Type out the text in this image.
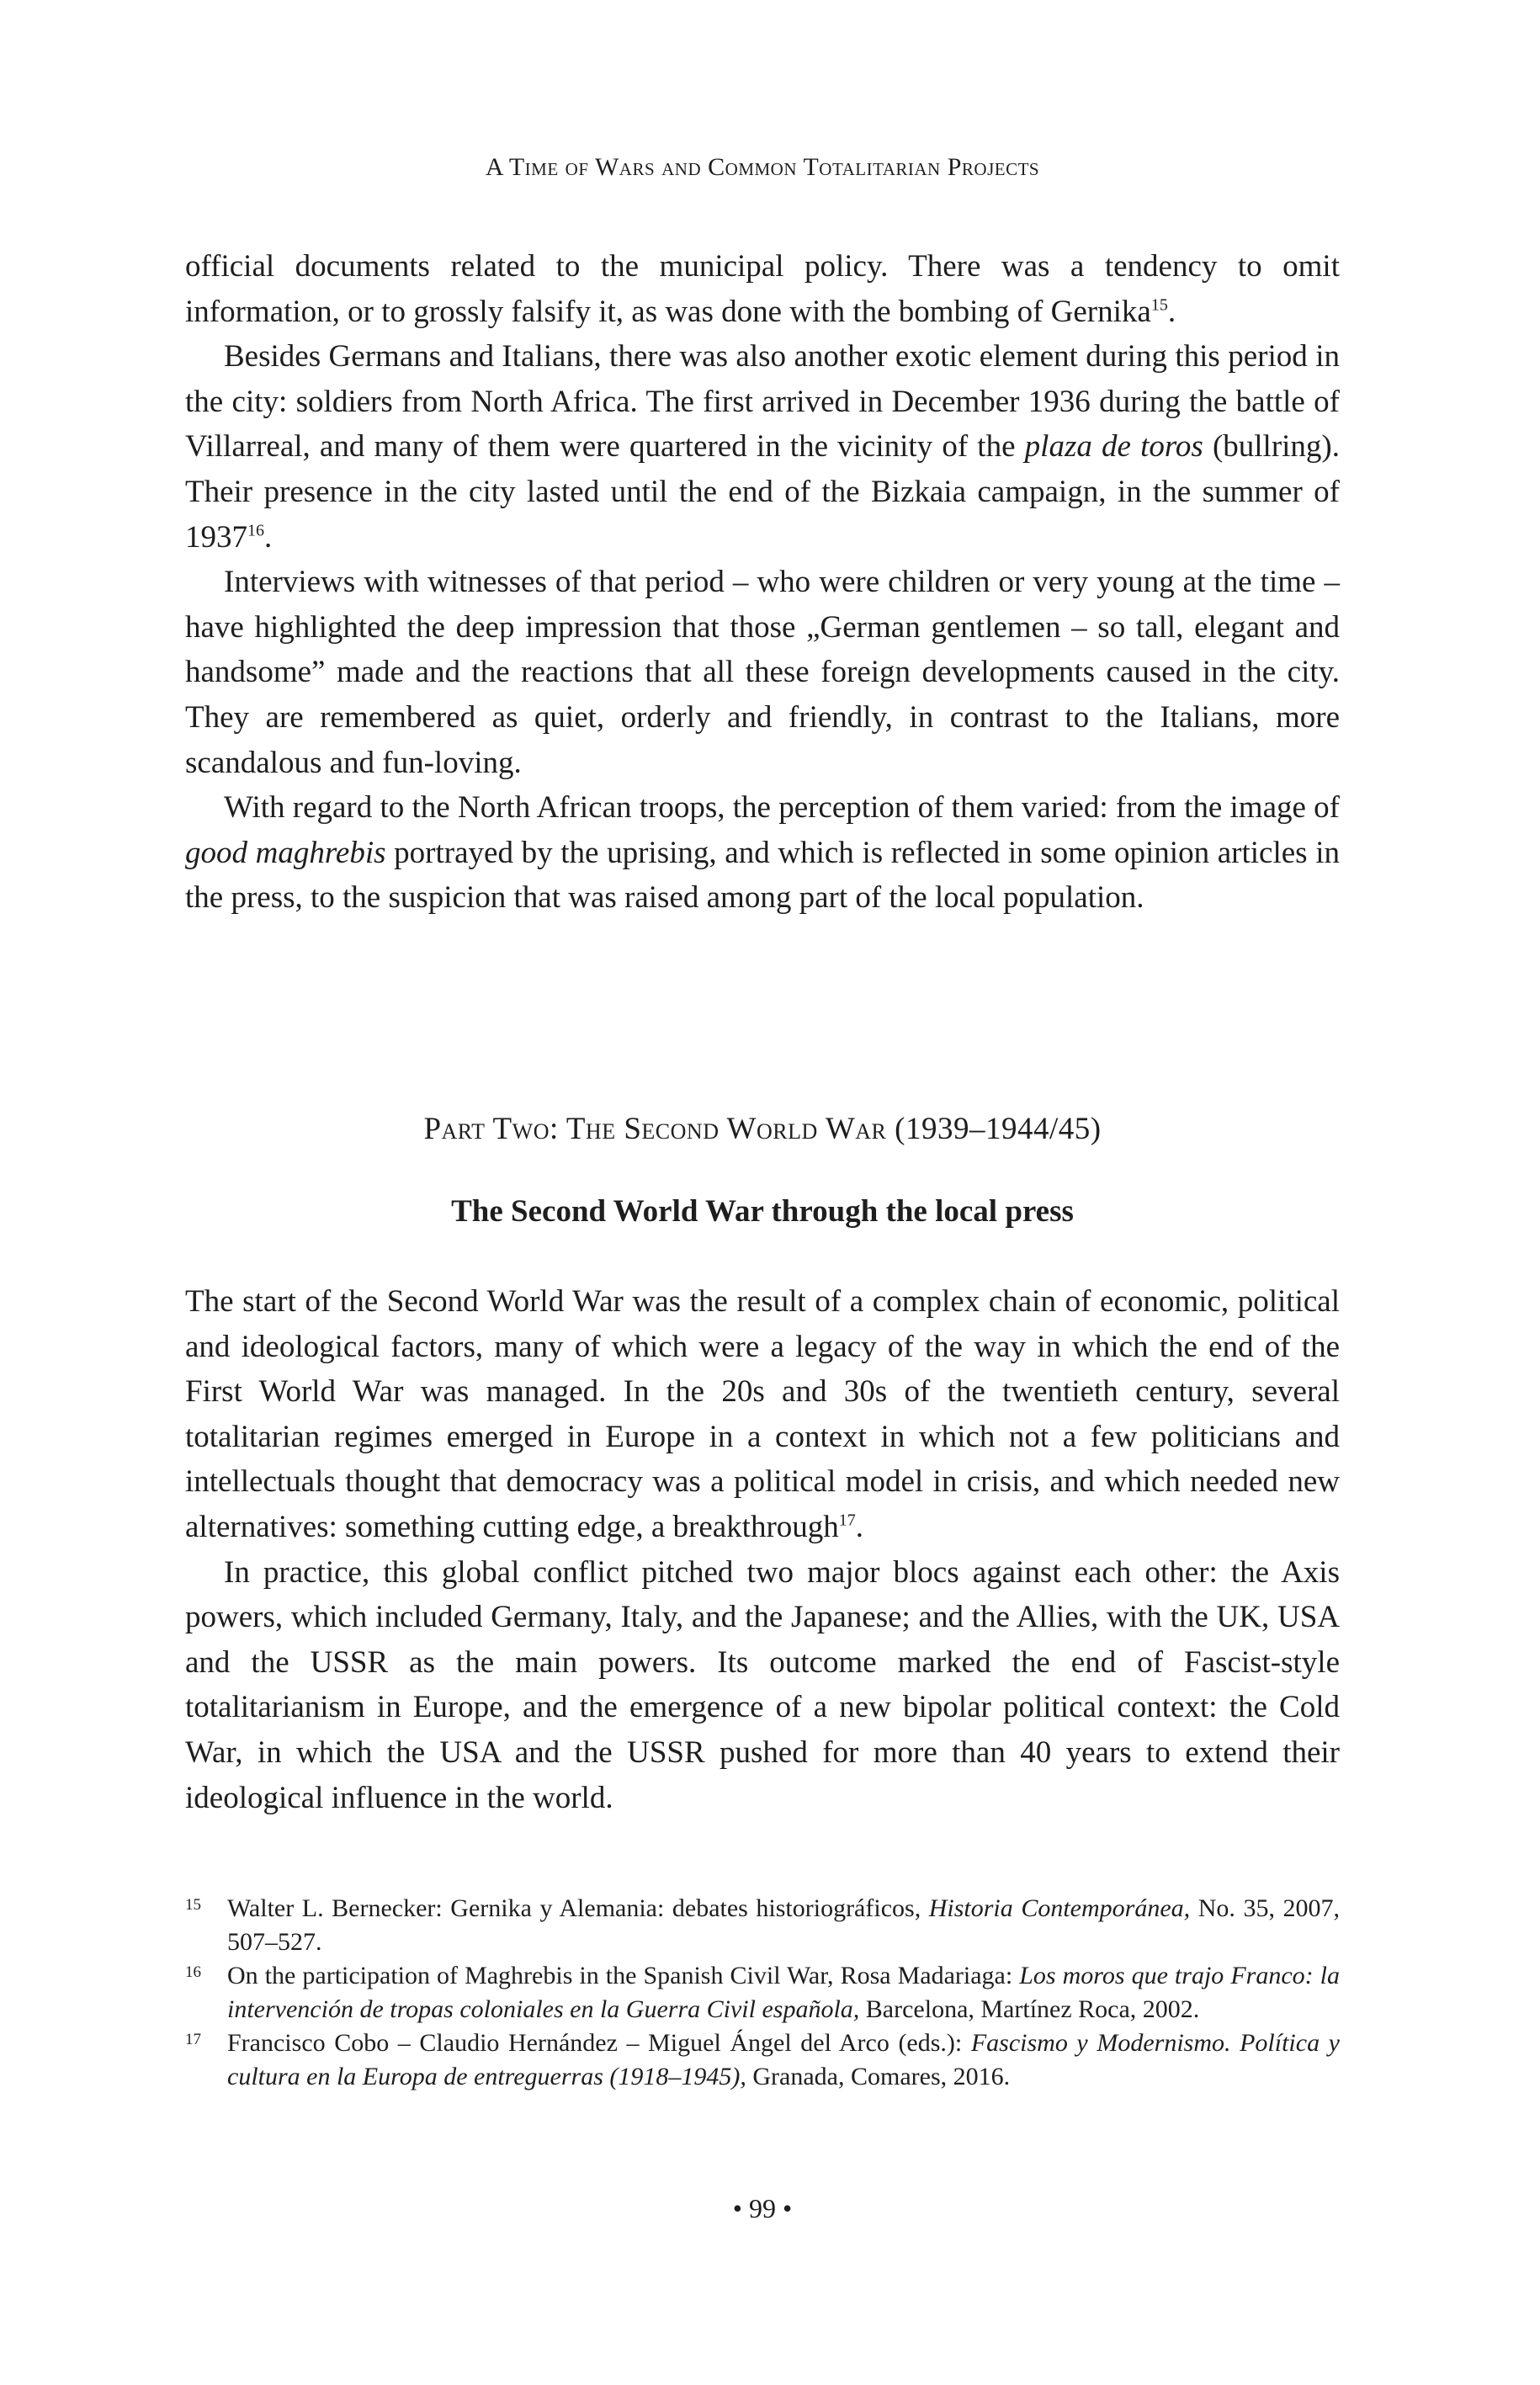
A Time of Wars and Common Totalitarian Projects

official documents related to the municipal policy. There was a tendency to omit information, or to grossly falsify it, as was done with the bombing of Gernika$^{15}$.

Besides Germans and Italians, there was also another exotic element during this period in the city: soldiers from North Africa. The first arrived in December 1936 during the battle of Villarreal, and many of them were quartered in the vicinity of the plaza de toros (bullring). Their presence in the city lasted until the end of the Bizkaia campaign, in the summer of 1937$^{16}$.

Interviews with witnesses of that period – who were children or very young at the time – have highlighted the deep impression that those „German gentlemen – so tall, elegant and handsome” made and the reactions that all these foreign developments caused in the city. They are remembered as quiet, orderly and friendly, in contrast to the Italians, more scandalous and fun-loving.

With regard to the North African troops, the perception of them varied: from the image of good maghrebis portrayed by the uprising, and which is reflected in some opinion articles in the press, to the suspicion that was raised among part of the local population.

Part Two: The Second World War (1939–1944/45)
The Second World War through the local press

The start of the Second World War was the result of a complex chain of economic, political and ideological factors, many of which were a legacy of the way in which the end of the First World War was managed. In the 20s and 30s of the twentieth century, several totalitarian regimes emerged in Europe in a context in which not a few politicians and intellectuals thought that democracy was a political model in crisis, and which needed new alternatives: something cutting edge, a breakthrough$^{17}$.

In practice, this global conflict pitched two major blocs against each other: the Axis powers, which included Germany, Italy, and the Japanese; and the Allies, with the UK, USA and the USSR as the main powers. Its outcome marked the end of Fascist-style totalitarianism in Europe, and the emergence of a new bipolar political context: the Cold War, in which the USA and the USSR pushed for more than 40 years to extend their ideological influence in the world.

15 Walter L. Bernecker: Gernika y Alemania: debates historiográficos, Historia Contemporánea, No. 35, 2007, 507–527.

16 On the participation of Maghrebis in the Spanish Civil War, Rosa Madariaga: Los moros que trajo Franco: la intervención de tropas coloniales en la Guerra Civil española, Barcelona, Martínez Roca, 2002.

17 Francisco Cobo – Claudio Hernández – Miguel Ángel del Arco (eds.): Fascismo y Modernismo. Política y cultura en la Europa de entreguerras (1918–1945), Granada, Comares, 2016.

• 99 •
